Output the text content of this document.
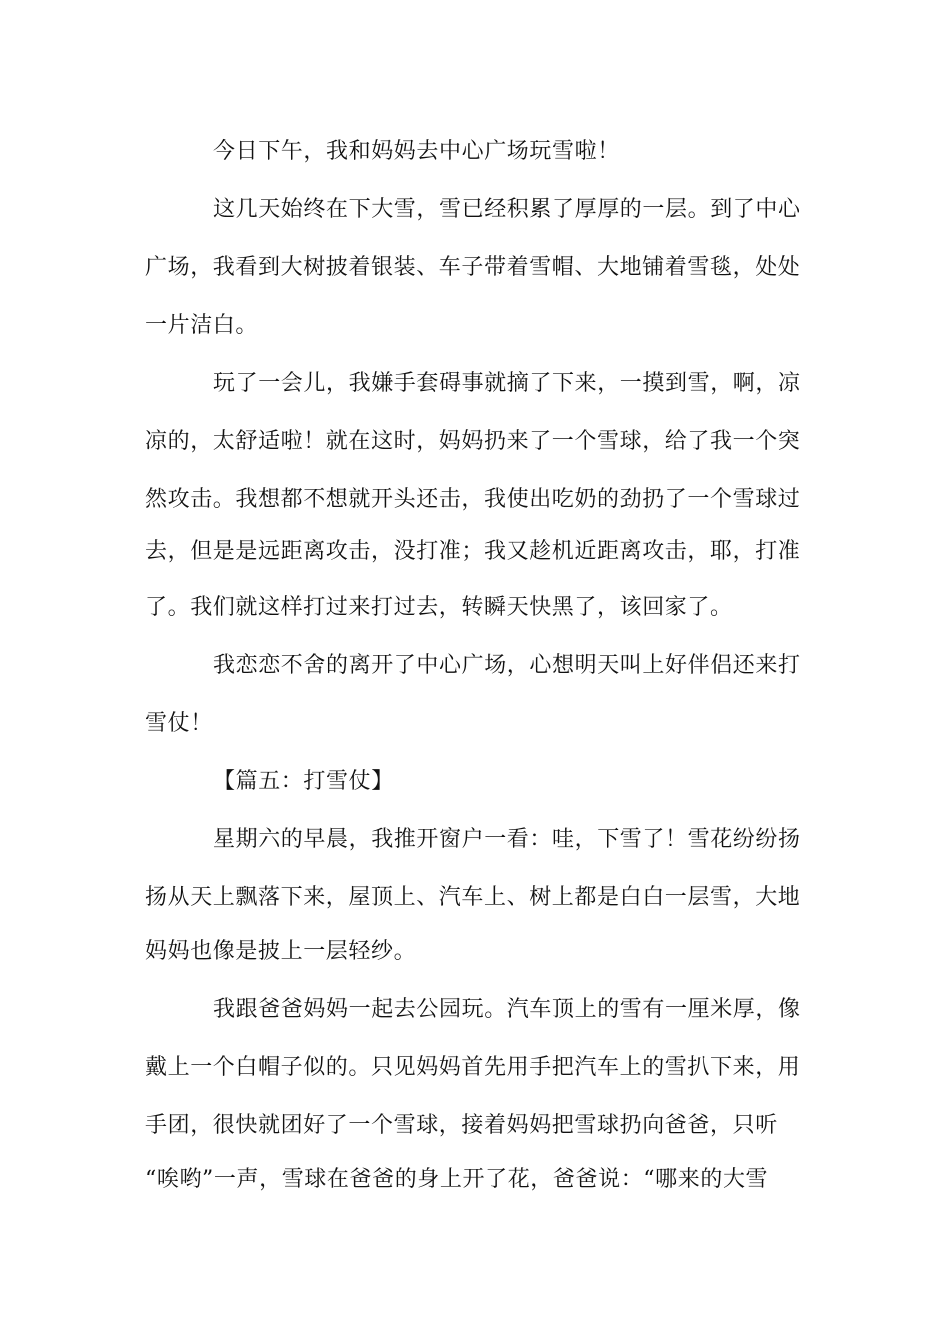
今日下午，我和妈妈去中心广场玩雪啦！
这几天始终在下大雪，雪已经积累了厚厚的一层。到了中心
广场，我看到大树披着银装、车子带着雪帽、大地铺着雪毯，处处
一片洁白。
玩了一会儿，我嫌手套碍事就摘了下来，一摸到雪，啊，凉
凉的，太舒适啦！就在这时，妈妈扔来了一个雪球，给了我一个突
然攻击。我想都不想就开头还击，我使出吃奶的劲扔了一个雪球过
去，但是是远距离攻击，没打准；我又趁机近距离攻击，耶，打准
了。我们就这样打过来打过去，转瞬天快黑了，该回家了。
我恋恋不舍的离开了中心广场，心想明天叫上好伴侣还来打
雪仗！
【篇五：打雪仗】
星期六的早晨，我推开窗户一看：哇，下雪了！雪花纷纷扬
扬从天上飘落下来，屋顶上、汽车上、树上都是白白一层雪，大地
妈妈也像是披上一层轻纱。
我跟爸爸妈妈一起去公园玩。汽车顶上的雪有一厘米厚，像
戴上一个白帽子似的。只见妈妈首先用手把汽车上的雪扒下来，用
手团，很快就团好了一个雪球，接着妈妈把雪球扔向爸爸，只听
“唉哟”一声，雪球在爸爸的身上开了花，爸爸说：“哪来的大雪
